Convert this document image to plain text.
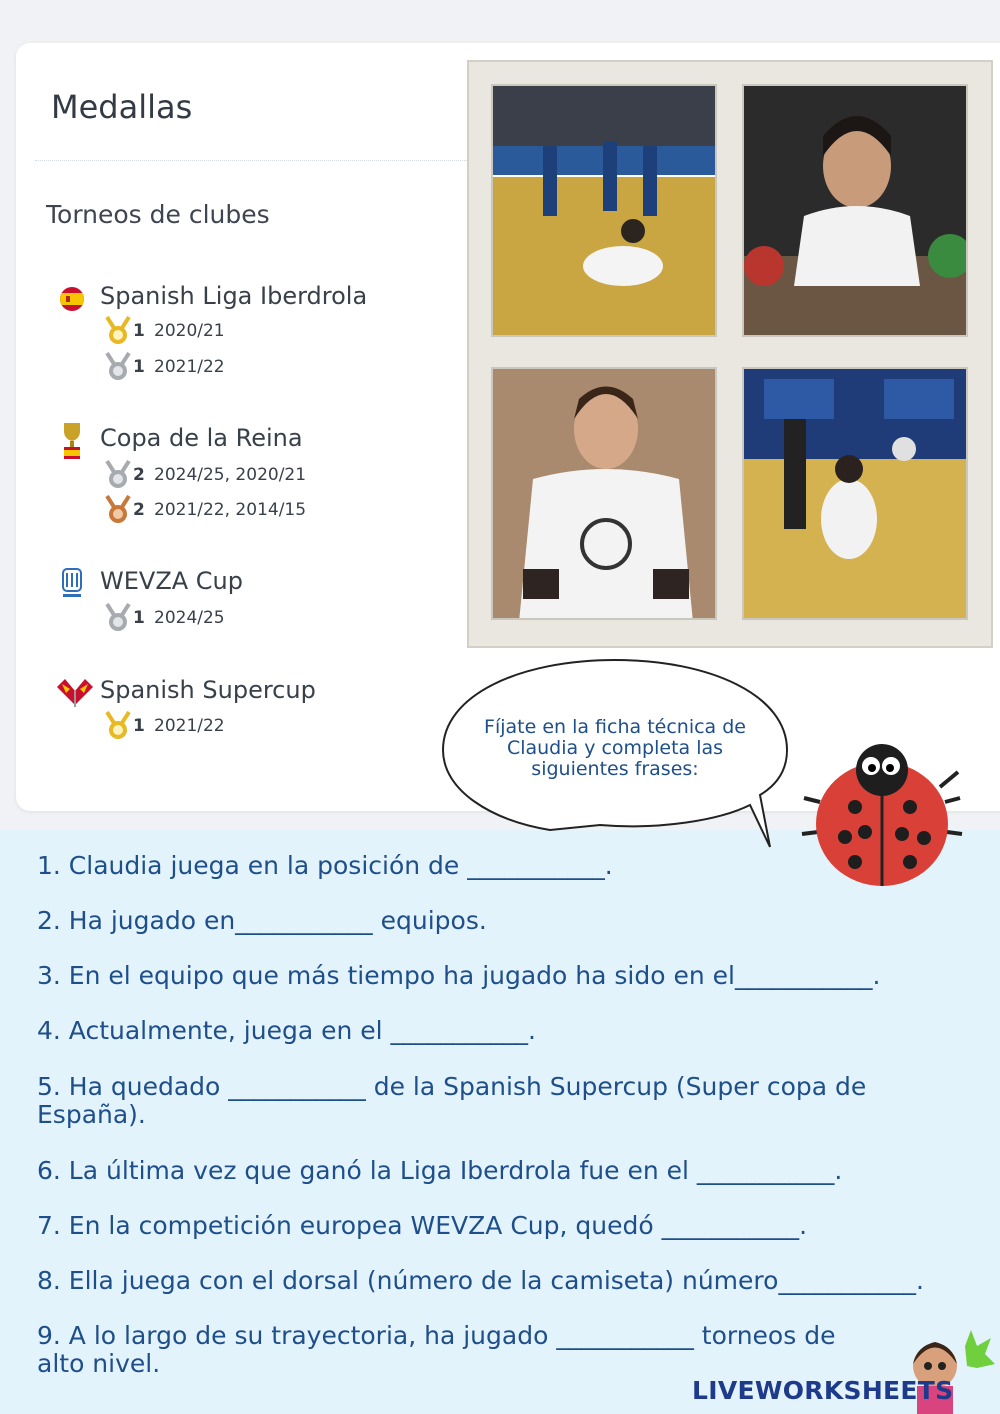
Medallas
Torneos de clubes
Spanish Liga Iberdrola
1 2020/21
1 2021/22
Copa de la Reina
2 2024/25, 2020/21
2 2021/22, 2014/15
WEVZA Cup
1 2024/25
Spanish Supercup
1 2021/22	Fíjate en la ficha técnica de Claudia y completa las siguientes frases:
1. Claudia juega en la posición de ___________.
2. Ha jugado en___________ equipos.
3. En el equipo que más tiempo ha jugado ha sido en el___________.
4. Actualmente, juega en el ___________.
5. Ha quedado ___________ de la Spanish Supercup (Super copa de
España).
6. La última vez que ganó la Liga Iberdrola fue en el ___________.
7. En la competición europea WEVZA Cup, quedó ___________.
8. Ella juega con el dorsal (número de la camiseta) número___________.
9. A lo largo de su trayectoria, ha jugado ___________ torneos de
alto nivel.
LIVEWORKSHEETS
